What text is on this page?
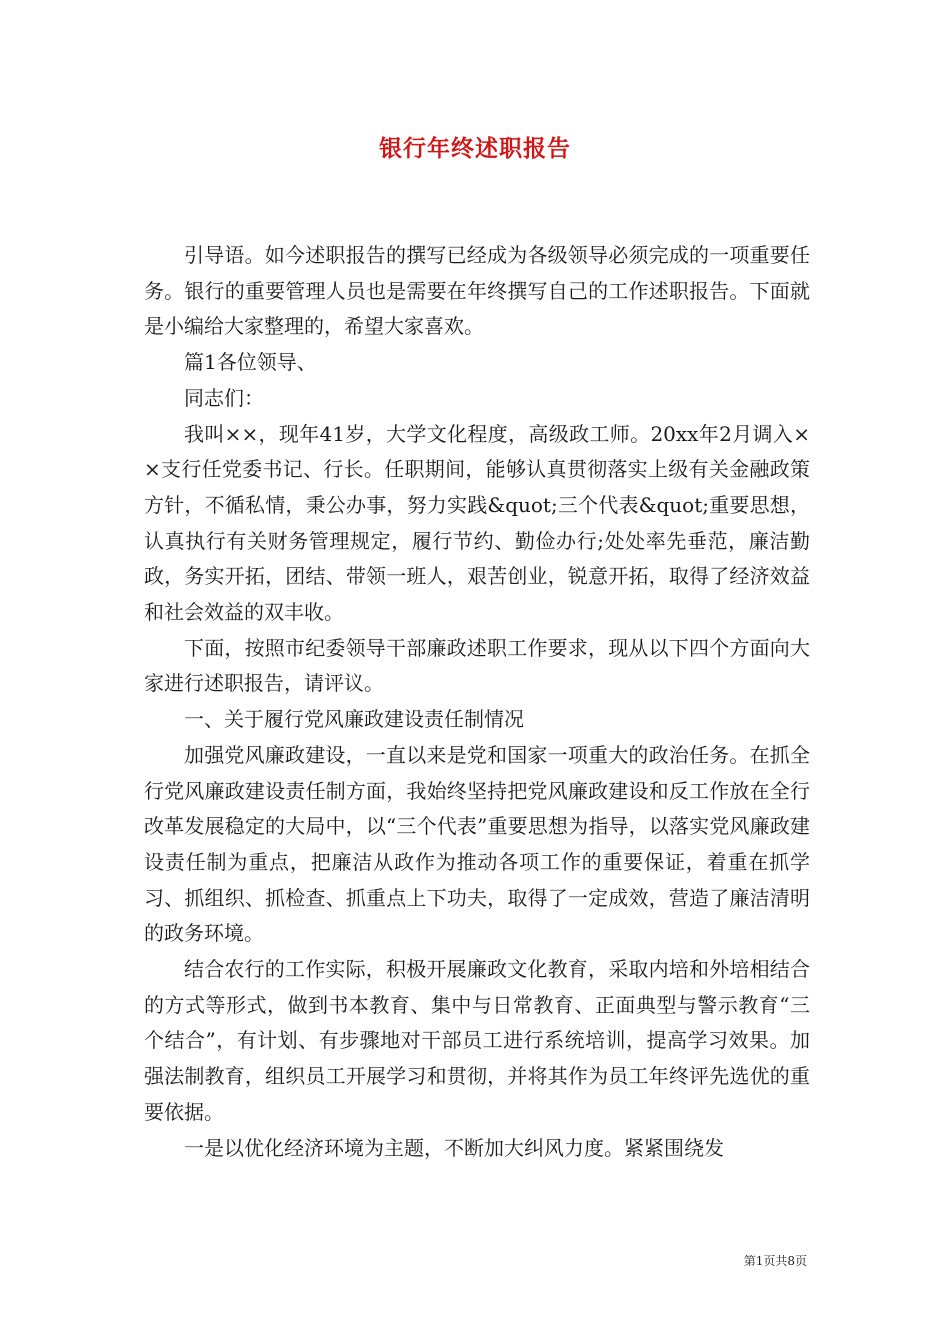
银行年终述职报告

引导语。如今述职报告的撰写已经成为各级领导必须完成的一项重要任务。银行的重要管理人员也是需要在年终撰写自己的工作述职报告。下面就是小编给大家整理的，希望大家喜欢。

篇1各位领导、

同志们：

我叫××，现年41岁，大学文化程度，高级政工师。20xx年2月调入××支行任党委书记、行长。任职期间，能够认真贯彻落实上级有关金融政策方针，不循私情，秉公办事，努力实践&quot;三个代表&quot;重要思想，认真执行有关财务管理规定，履行节约、勤俭办行;处处率先垂范，廉洁勤政，务实开拓，团结、带领一班人，艰苦创业，锐意开拓，取得了经济效益和社会效益的双丰收。

下面，按照市纪委领导干部廉政述职工作要求，现从以下四个方面向大家进行述职报告，请评议。

一、关于履行党风廉政建设责任制情况

加强党风廉政建设，一直以来是党和国家一项重大的政治任务。在抓全行党风廉政建设责任制方面，我始终坚持把党风廉政建设和反工作放在全行改革发展稳定的大局中，以“三个代表”重要思想为指导，以落实党风廉政建设责任制为重点，把廉洁从政作为推动各项工作的重要保证，着重在抓学习、抓组织、抓检查、抓重点上下功夫，取得了一定成效，营造了廉洁清明的政务环境。

结合农行的工作实际，积极开展廉政文化教育，采取内培和外培相结合的方式等形式，做到书本教育、集中与日常教育、正面典型与警示教育“三个结合”，有计划、有步骤地对干部员工进行系统培训，提高学习效果。加强法制教育，组织员工开展学习和贯彻，并将其作为员工年终评先选优的重要依据。

一是以优化经济环境为主题，不断加大纠风力度。紧紧围绕发

第1页共8页
